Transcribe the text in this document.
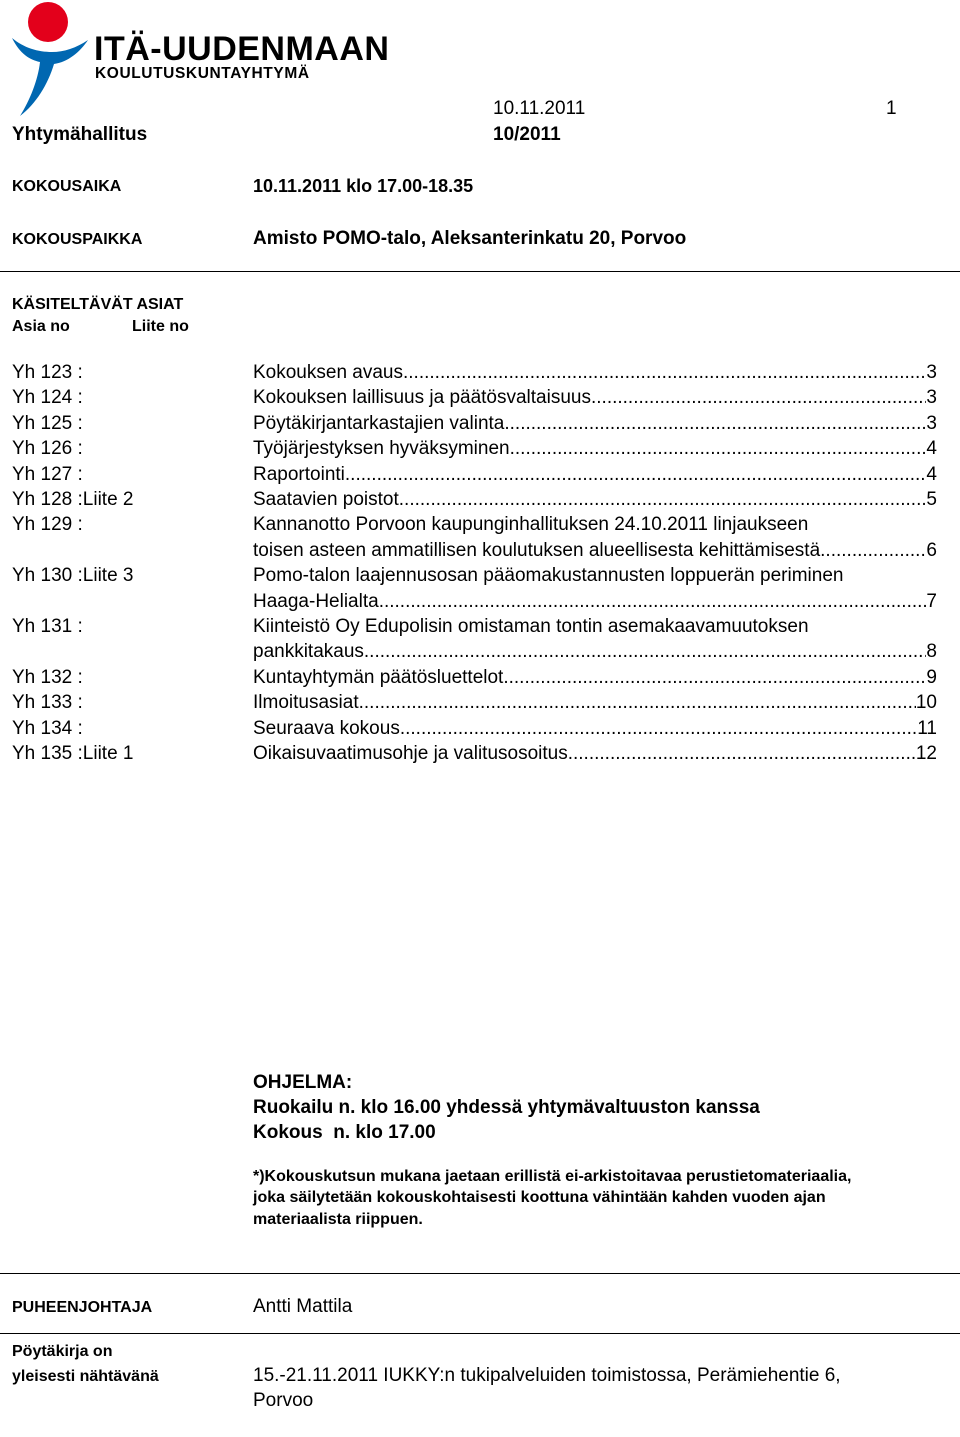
ITÄ-UUDENMAAN
KOULUTUSKUNTAYHTYMÄ
10.11.2011	1
Yhtymähallitus	10/2011
KOKOUSAIKA	10.11.2011 klo 17.00-18.35
KOKOUSPAIKKA	Amisto POMO-talo, Aleksanterinkatu 20, Porvoo
KÄSITELTÄVÄT ASIAT
Asia no	Liite no
Yh 123 :	Kokouksen avaus .....	3
Yh 124 :	Kokouksen laillisuus ja päätösvaltaisuus .....	3
Yh 125 :	Pöytäkirjantarkastajien valinta .....	3
Yh 126 :	Työjärjestyksen hyväksyminen .....	4
Yh 127 :	Raportointi .....	4
Yh 128 :Liite 2	Saatavien poistot .....	5
Yh 129 :	Kannanotto Porvoon kaupunginhallituksen 24.10.2011 linjaukseen
toisen asteen ammatillisen koulutuksen alueellisesta kehittämisestä .....	6
Yh 130 :Liite 3	Pomo-talon laajennusosan pääomakustannusten loppuerän periminen
Haaga-Helialta .....	7
Yh 131 :	Kiinteistö Oy Edupolisin omistaman tontin asemakaavamuutoksen
pankkitakaus .....	8
Yh 132 :	Kuntayhtymän päätösluettelot .....	9
Yh 133 :	Ilmoitusasiat .....	10
Yh 134 :	Seuraava kokous .....	11
Yh 135 :Liite 1	Oikaisuvaatimusohje ja valitusosoitus .....	12
OHJELMA:
Ruokailu n. klo 16.00 yhdessä yhtymävaltuuston kanssa
Kokous  n. klo 17.00
*)Kokouskutsun mukana jaetaan erillistä ei-arkistoitavaa perustietomateriaalia,
joka säilytetään kokouskohtaisesti koottuna vähintään kahden vuoden ajan
materiaalista riippuen.
PUHEENJOHTAJA	Antti Mattila
Pöytäkirja on
yleisesti nähtävänä	15.-21.11.2011 IUKKY:n tukipalveluiden toimistossa, Perämiehentie 6,
Porvoo
